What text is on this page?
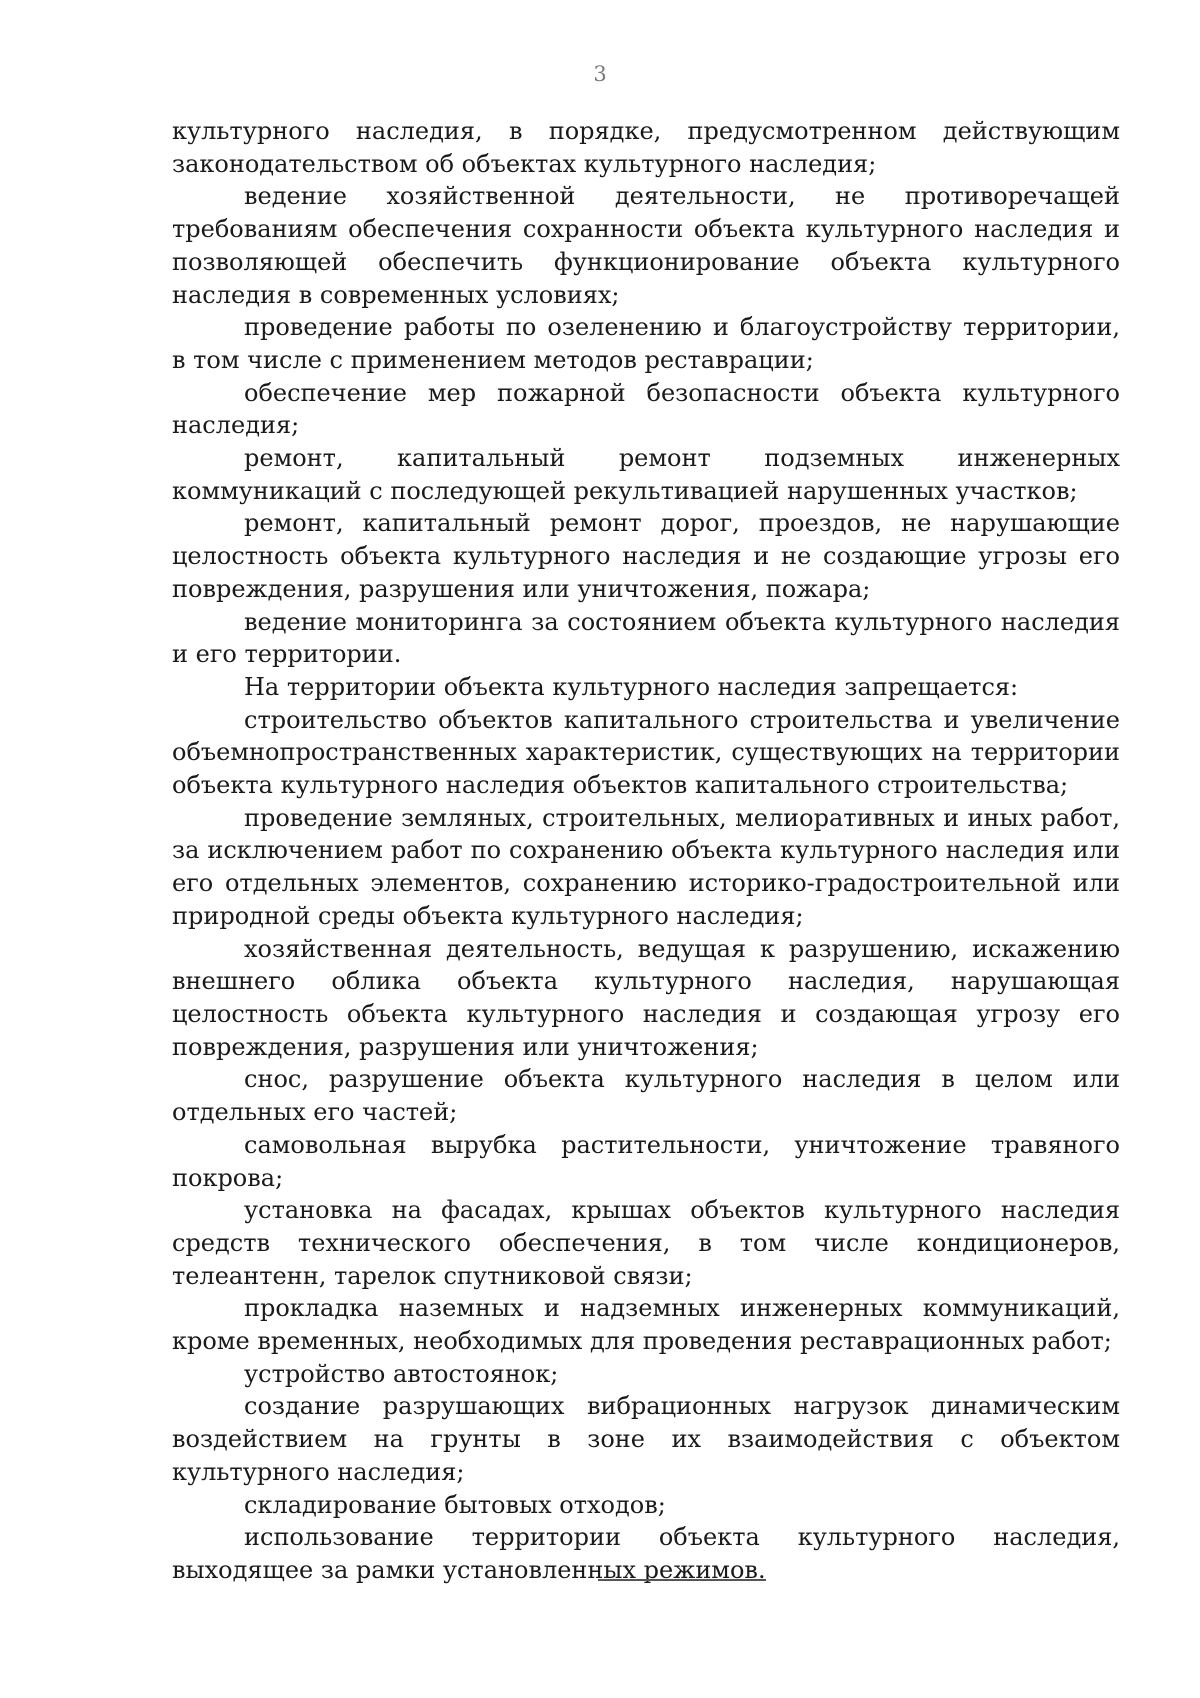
3

культурного наследия, в порядке, предусмотренном действующим законодательством об объектах культурного наследия;

ведение хозяйственной деятельности, не противоречащей требованиям обеспечения сохранности объекта культурного наследия и позволяющей обеспечить функционирование объекта культурного наследия в современных условиях;

проведение работы по озеленению и благоустройству территории, в том числе с применением методов реставрации;

обеспечение мер пожарной безопасности объекта культурного наследия;

ремонт, капитальный ремонт подземных инженерных коммуникаций с последующей рекультивацией нарушенных участков;

ремонт, капитальный ремонт дорог, проездов, не нарушающие целостность объекта культурного наследия и не создающие угрозы его повреждения, разрушения или уничтожения, пожара;

ведение мониторинга за состоянием объекта культурного наследия и его территории.

На территории объекта культурного наследия запрещается:

строительство объектов капитального строительства и увеличение объемнопространственных характеристик, существующих на территории объекта культурного наследия объектов капитального строительства;

проведение земляных, строительных, мелиоративных и иных работ, за исключением работ по сохранению объекта культурного наследия или его отдельных элементов, сохранению историко-градостроительной или природной среды объекта культурного наследия;

хозяйственная деятельность, ведущая к разрушению, искажению внешнего облика объекта культурного наследия, нарушающая целостность объекта культурного наследия и создающая угрозу его повреждения, разрушения или уничтожения;

снос, разрушение объекта культурного наследия в целом или отдельных его частей;

самовольная вырубка растительности, уничтожение травяного покрова;

установка на фасадах, крышах объектов культурного наследия средств технического обеспечения, в том числе кондиционеров, телеантенн, тарелок спутниковой связи;

прокладка наземных и надземных инженерных коммуникаций, кроме временных, необходимых для проведения реставрационных работ;

устройство автостоянок;

создание разрушающих вибрационных нагрузок динамическим воздействием на грунты в зоне их взаимодействия с объектом культурного наследия;

складирование бытовых отходов;

использование территории объекта культурного наследия, выходящее за рамки установленных режимов.
